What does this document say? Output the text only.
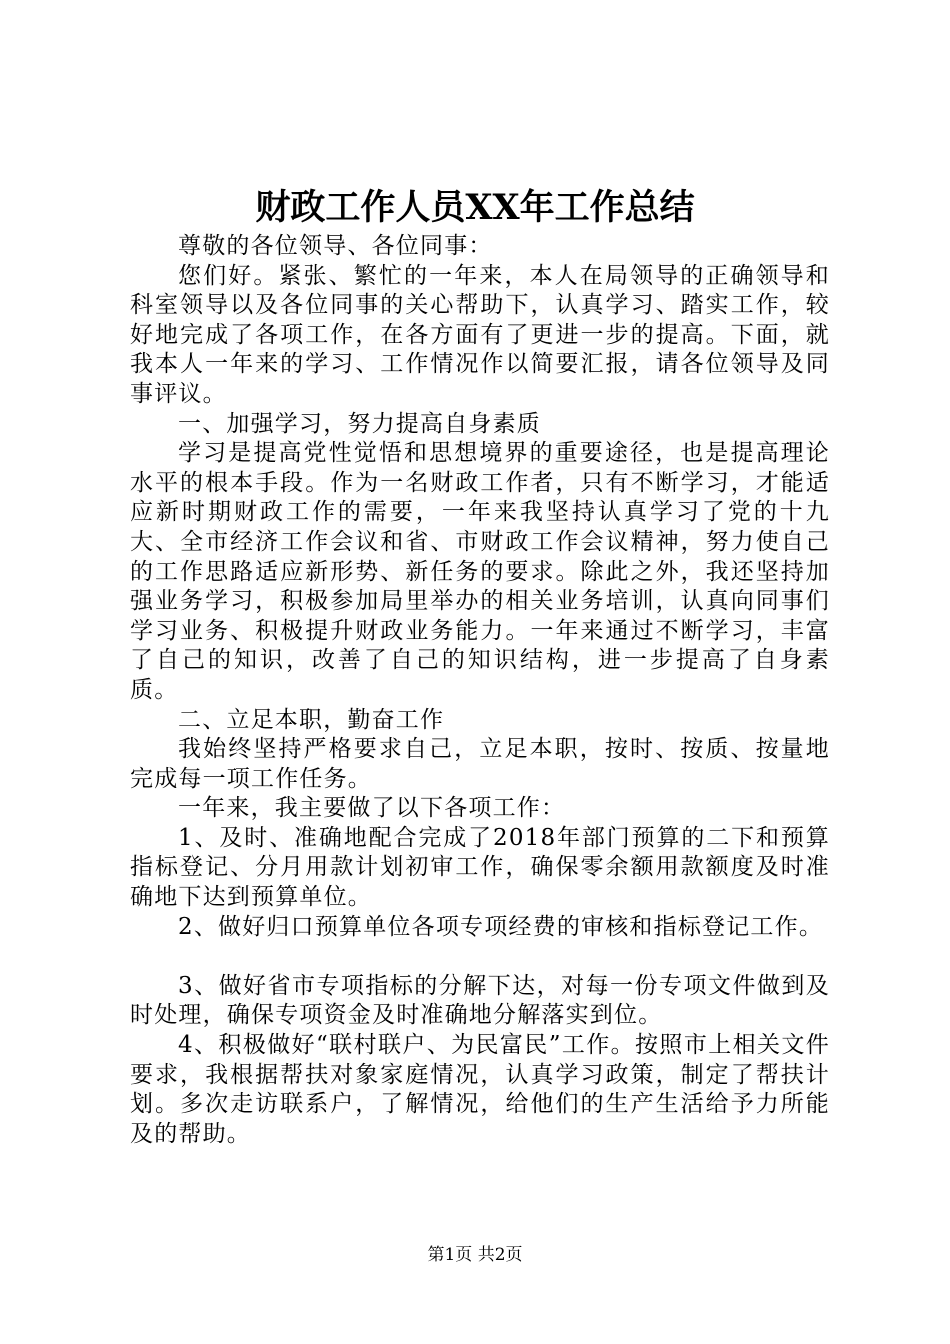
财政工作人员XX年工作总结

尊敬的各位领导、各位同事：

您们好。紧张、繁忙的一年来，本人在局领导的正确领导和科室领导以及各位同事的关心帮助下，认真学习、踏实工作，较好地完成了各项工作，在各方面有了更进一步的提高。下面，就我本人一年来的学习、工作情况作以简要汇报，请各位领导及同事评议。

一、加强学习，努力提高自身素质

学习是提高党性觉悟和思想境界的重要途径，也是提高理论水平的根本手段。作为一名财政工作者，只有不断学习，才能适应新时期财政工作的需要，一年来我坚持认真学习了党的十九大、全市经济工作会议和省、市财政工作会议精神，努力使自己的工作思路适应新形势、新任务的要求。除此之外，我还坚持加强业务学习，积极参加局里举办的相关业务培训，认真向同事们学习业务、积极提升财政业务能力。一年来通过不断学习，丰富了自己的知识，改善了自己的知识结构，进一步提高了自身素质。

二、立足本职，勤奋工作

我始终坚持严格要求自己，立足本职，按时、按质、按量地完成每一项工作任务。

一年来，我主要做了以下各项工作：

1、及时、准确地配合完成了2018年部门预算的二下和预算指标登记、分月用款计划初审工作，确保零余额用款额度及时准确地下达到预算单位。

2、做好归口预算单位各项专项经费的审核和指标登记工作。

3、做好省市专项指标的分解下达，对每一份专项文件做到及时处理，确保专项资金及时准确地分解落实到位。

4、积极做好“联村联户、为民富民”工作。按照市上相关文件要求，我根据帮扶对象家庭情况，认真学习政策，制定了帮扶计划。多次走访联系户，了解情况，给他们的生产生活给予力所能及的帮助。

第1页 共2页
